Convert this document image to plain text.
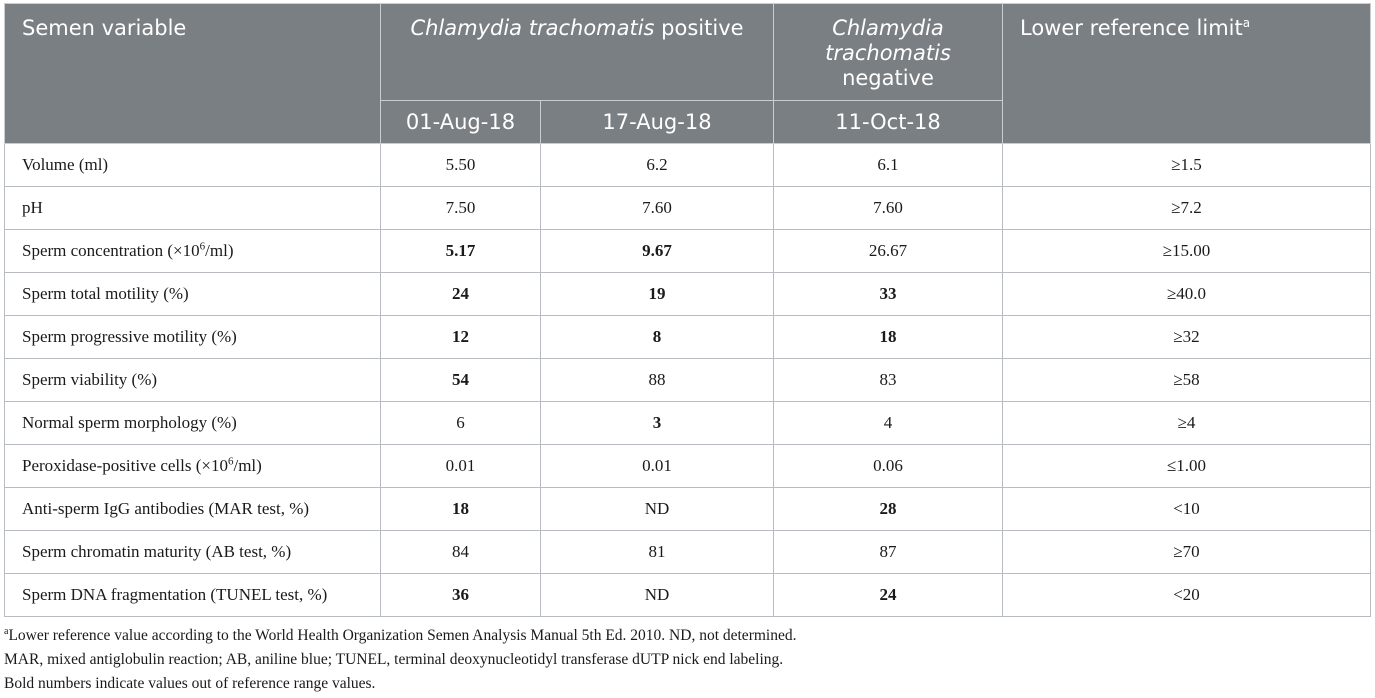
Semen variable	Chlamydia trachomatis positive		Chlamydia
trachomatis
negative	Lower reference limit$^a$
	01-Aug-18	17-Aug-18	11-Oct-18	
Volume (ml)	5.50	6.2	6.1	≥1.5
pH	7.50	7.60	7.60	≥7.2
Sperm concentration $(\times 10^6/ml)$	5.17	9.67	26.67	≥15.00
Sperm total motility (%)	24	19	33	≥40.0
Sperm progressive motility (%)	12	8	18	≥32
Sperm viability (%)	54	88	83	≥58
Normal sperm morphology (%)	6	3	4	≥4
Peroxidase-positive cells $(\times 10^6/ml)$	0.01	0.01	0.06	≤1.00
Anti-sperm IgG antibodies (MAR test, %)	18	ND	28	<10
Sperm chromatin maturity (AB test, %)	84	81	87	≥70
Sperm DNA fragmentation (TUNEL test, %)	36	ND	24	<20
$^a$Lower reference value according to the World Health Organization Semen Analysis Manual 5th Ed. 2010. ND, not determined.
MAR, mixed antiglobulin reaction; AB, aniline blue; TUNEL, terminal deoxynucleotidyl transferase dUTP nick end labeling.
Bold numbers indicate values out of reference range values.
